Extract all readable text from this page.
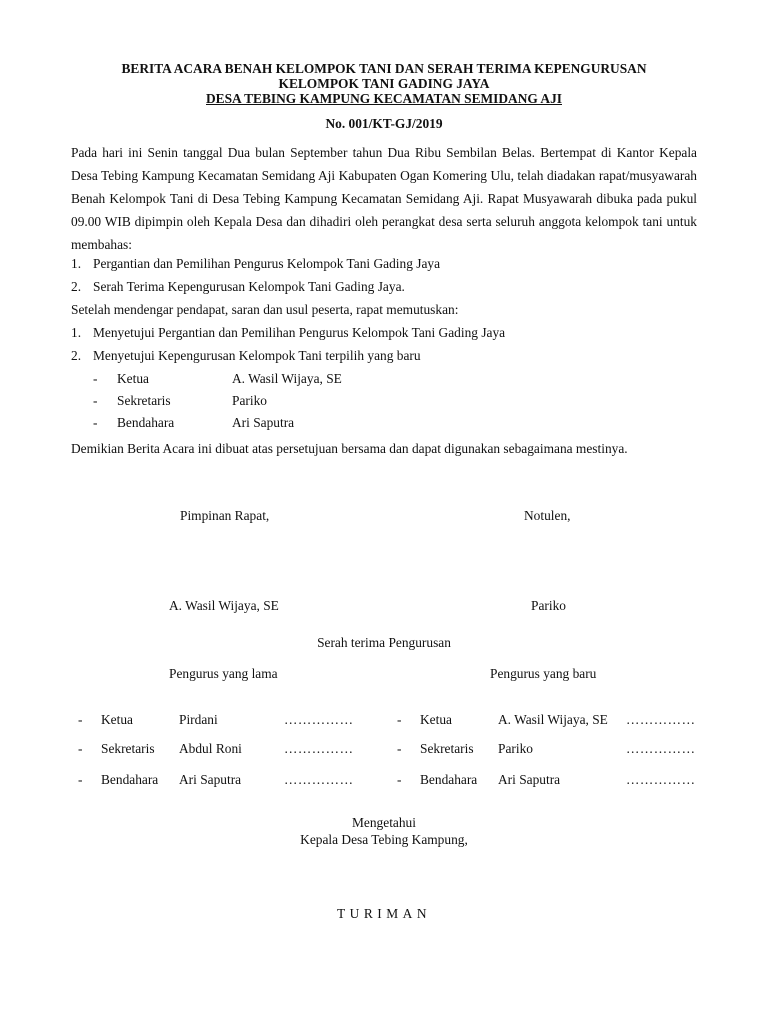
BERITA ACARA BENAH KELOMPOK TANI DAN SERAH TERIMA KEPENGURUSAN
KELOMPOK TANI GADING JAYA
DESA TEBING KAMPUNG KECAMATAN SEMIDANG AJI
No. 001/KT-GJ/2019
Pada hari ini Senin tanggal Dua bulan September tahun Dua Ribu Sembilan Belas. Bertempat di Kantor Kepala Desa Tebing Kampung Kecamatan Semidang Aji Kabupaten Ogan Komering Ulu, telah diadakan rapat/musyawarah Benah Kelompok Tani di Desa Tebing Kampung Kecamatan Semidang Aji. Rapat Musyawarah dibuka pada pukul 09.00 WIB dipimpin oleh Kepala Desa dan dihadiri oleh perangkat desa serta seluruh anggota kelompok tani untuk membahas:
1. Pergantian dan Pemilihan Pengurus Kelompok Tani Gading Jaya
2. Serah Terima Kepengurusan Kelompok Tani Gading Jaya.
Setelah mendengar pendapat, saran dan usul peserta, rapat memutuskan:
1. Menyetujui Pergantian dan Pemilihan Pengurus Kelompok Tani Gading Jaya
2. Menyetujui Kepengurusan Kelompok Tani terpilih yang baru
- Ketua	A. Wasil Wijaya, SE
- Sekretaris	Pariko
- Bendahara	Ari Saputra
Demikian Berita Acara ini dibuat atas persetujuan bersama dan dapat digunakan sebagaimana mestinya.
Pimpinan Rapat,	Notulen,
A. Wasil Wijaya, SE	Pariko
Serah terima Pengurusan
Pengurus yang lama	Pengurus yang baru
- Ketua	Pirdani	……………	- Ketua	A. Wasil Wijaya, SE ……………
- Sekretaris Abdul Roni	……………	- Sekretaris Pariko	……………
- Bendahara Ari Saputra	……………	- Bendahara Ari Saputra	……………
Mengetahui
Kepala Desa Tebing Kampung,
TURIMAN
